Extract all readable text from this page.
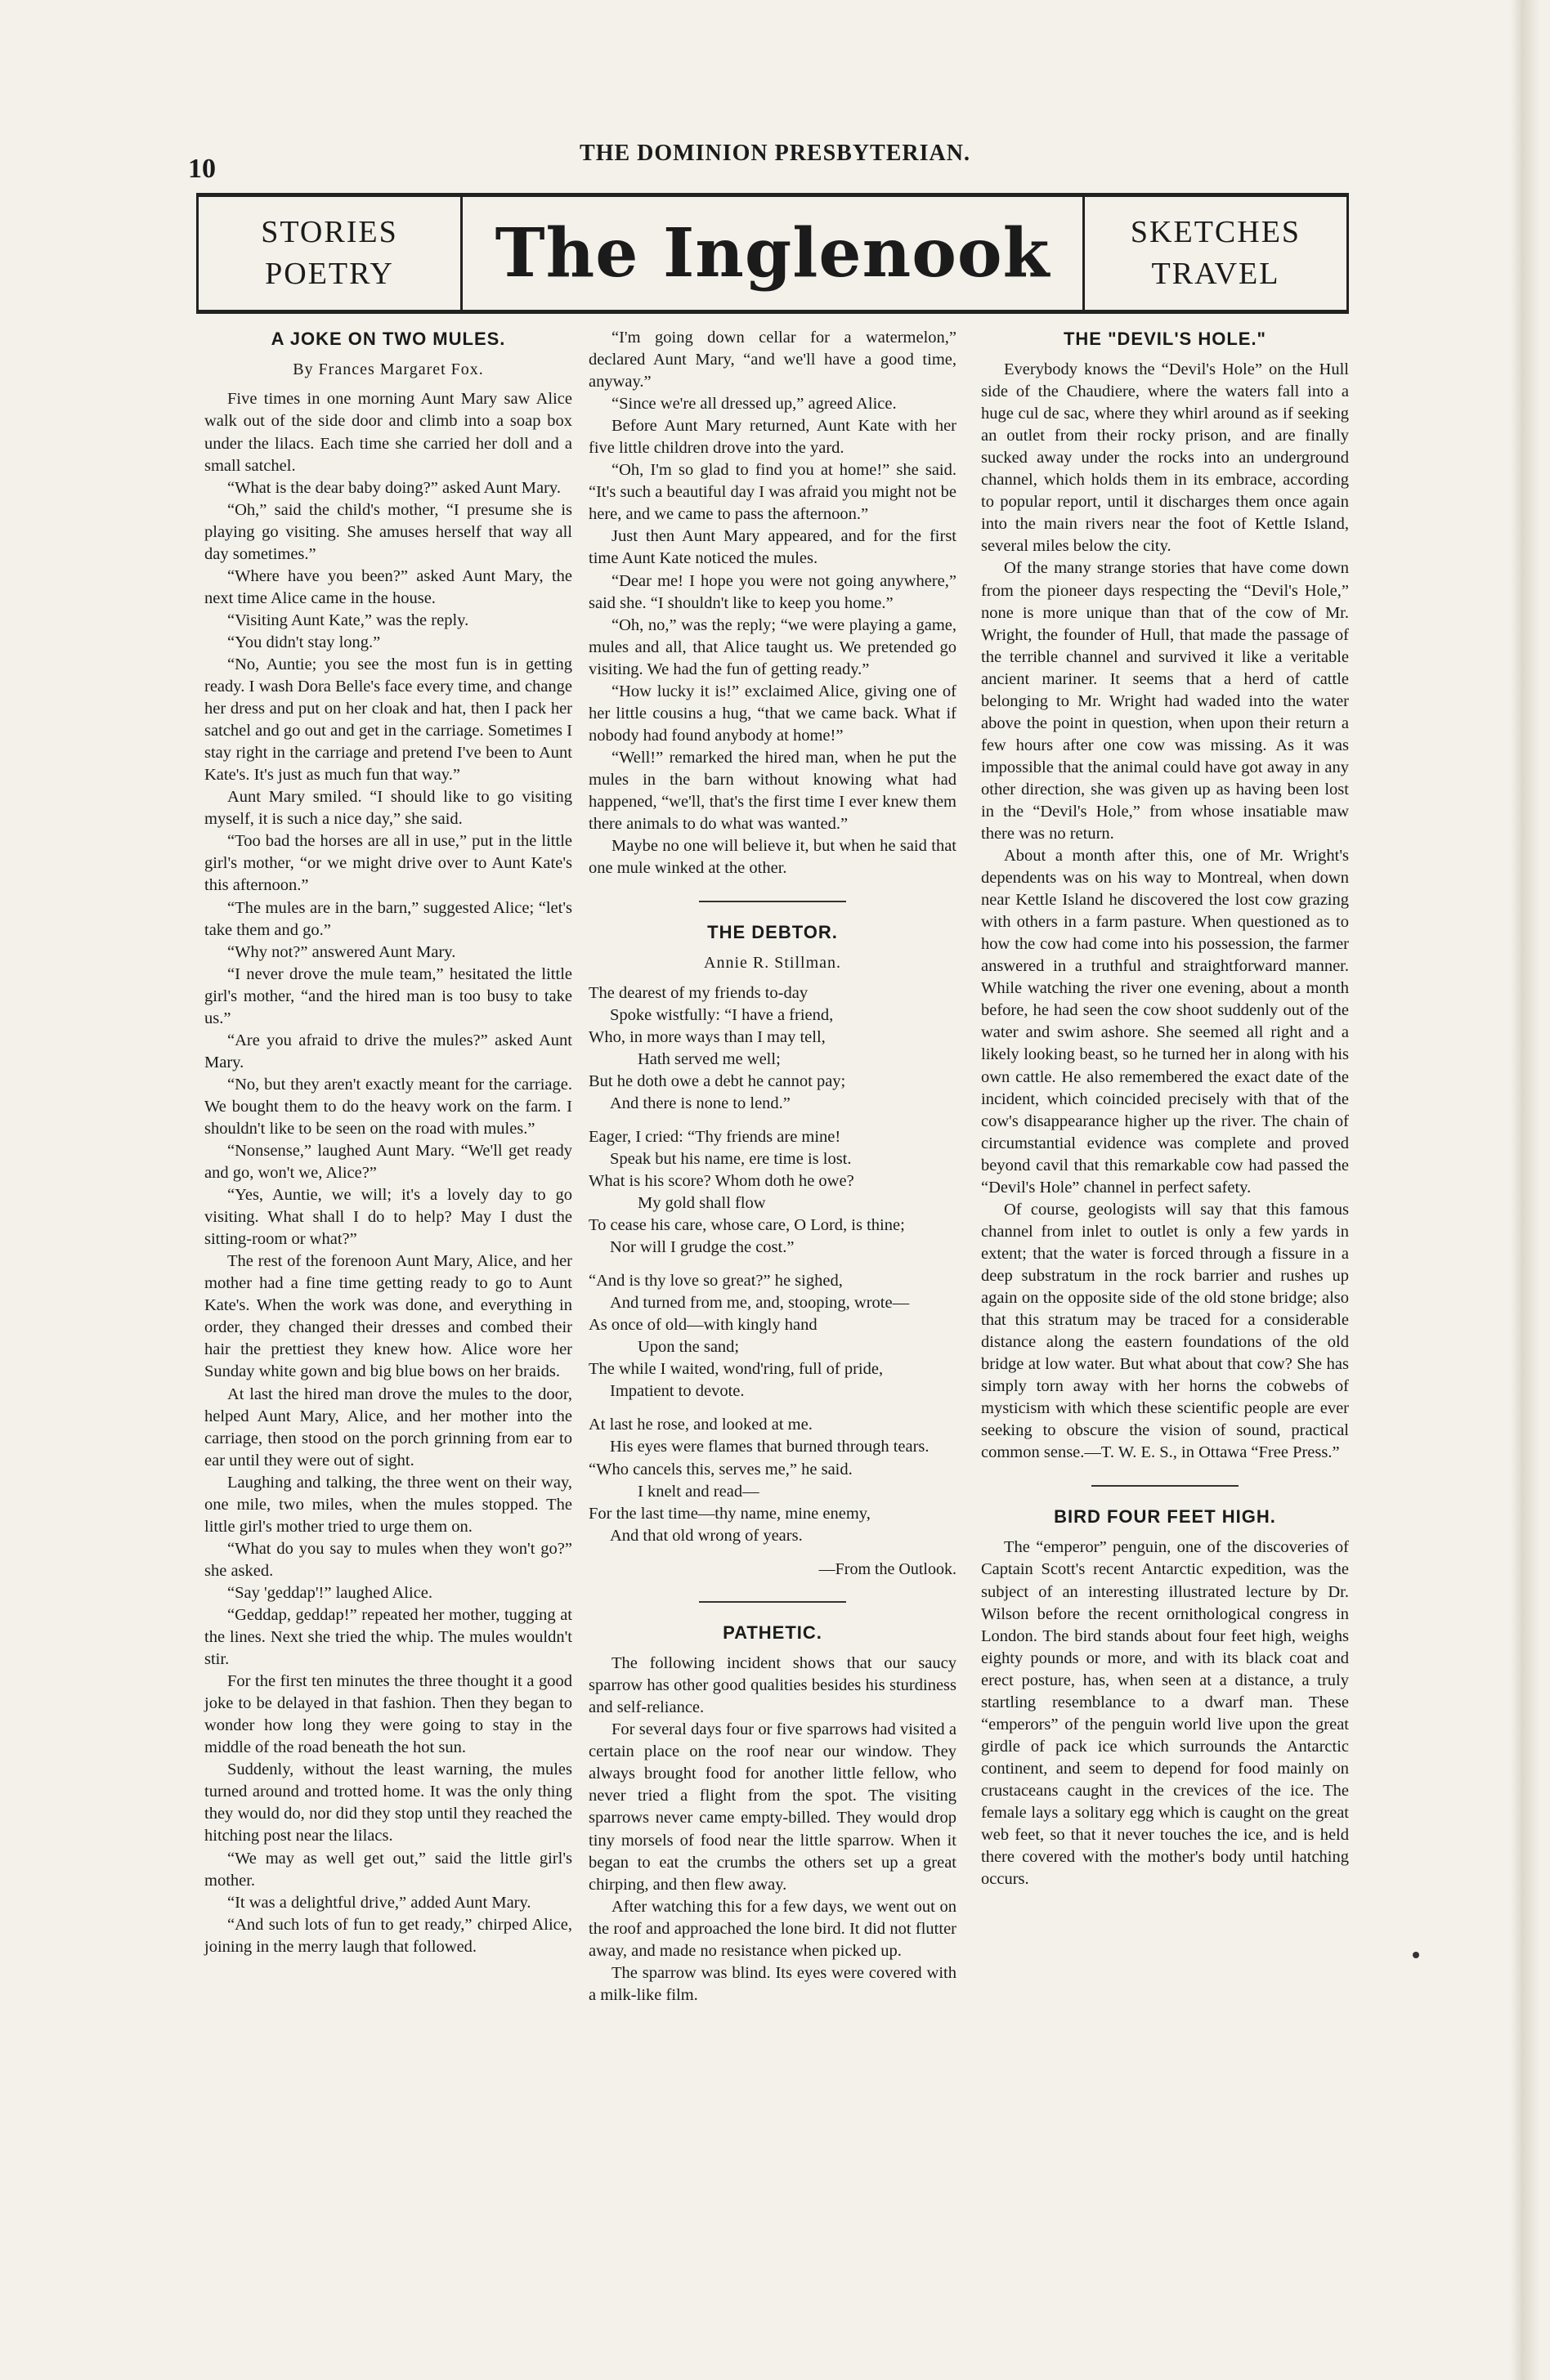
10
THE DOMINION PRESBYTERIAN.
STORIES
POETRY	The Inglenook	SKETCHES
TRAVEL
A JOKE ON TWO MULES.
By Frances Margaret Fox.

Five times in one morning Aunt Mary saw Alice walk out of the side door and climb into a soap box under the lilacs. Each time she carried her doll and a small satchel.

“What is the dear baby doing?” asked Aunt Mary.

“Oh,” said the child's mother, “I presume she is playing go visiting. She amuses herself that way all day sometimes.”

“Where have you been?” asked Aunt Mary, the next time Alice came in the house.

“Visiting Aunt Kate,” was the reply.

“You didn't stay long.”

“No, Auntie; you see the most fun is in getting ready. I wash Dora Belle's face every time, and change her dress and put on her cloak and hat, then I pack her satchel and go out and get in the carriage. Sometimes I stay right in the carriage and pretend I've been to Aunt Kate's. It's just as much fun that way.”

Aunt Mary smiled. “I should like to go visiting myself, it is such a nice day,” she said.

“Too bad the horses are all in use,” put in the little girl's mother, “or we might drive over to Aunt Kate's this afternoon.”

“The mules are in the barn,” suggested Alice; “let's take them and go.”

“Why not?” answered Aunt Mary.

“I never drove the mule team,” hesitated the little girl's mother, “and the hired man is too busy to take us.”

“Are you afraid to drive the mules?” asked Aunt Mary.

“No, but they aren't exactly meant for the carriage. We bought them to do the heavy work on the farm. I shouldn't like to be seen on the road with mules.”

“Nonsense,” laughed Aunt Mary. “We'll get ready and go, won't we, Alice?”

“Yes, Auntie, we will; it's a lovely day to go visiting. What shall I do to help? May I dust the sitting-room or what?”

The rest of the forenoon Aunt Mary, Alice, and her mother had a fine time getting ready to go to Aunt Kate's. When the work was done, and everything in order, they changed their dresses and combed their hair the prettiest they knew how. Alice wore her Sunday white gown and big blue bows on her braids.

At last the hired man drove the mules to the door, helped Aunt Mary, Alice, and her mother into the carriage, then stood on the porch grinning from ear to ear until they were out of sight.

Laughing and talking, the three went on their way, one mile, two miles, when the mules stopped. The little girl's mother tried to urge them on.

“What do you say to mules when they won't go?” she asked.

“Say 'geddap'!” laughed Alice.

“Geddap, geddap!” repeated her mother, tugging at the lines. Next she tried the whip. The mules wouldn't stir.

For the first ten minutes the three thought it a good joke to be delayed in that fashion. Then they began to wonder how long they were going to stay in the middle of the road beneath the hot sun.

Suddenly, without the least warning, the mules turned around and trotted home. It was the only thing they would do, nor did they stop until they reached the hitching post near the lilacs.

“We may as well get out,” said the little girl's mother.

“It was a delightful drive,” added Aunt Mary.

“And such lots of fun to get ready,” chirped Alice, joining in the merry laugh that followed.

“I'm going down cellar for a watermelon,” declared Aunt Mary, “and we'll have a good time, anyway.”

“Since we're all dressed up,” agreed Alice.

Before Aunt Mary returned, Aunt Kate with her five little children drove into the yard.

“Oh, I'm so glad to find you at home!” she said. “It's such a beautiful day I was afraid you might not be here, and we came to pass the afternoon.”

Just then Aunt Mary appeared, and for the first time Aunt Kate noticed the mules.

“Dear me! I hope you were not going anywhere,” said she. “I shouldn't like to keep you home.”

“Oh, no,” was the reply; “we were playing a game, mules and all, that Alice taught us. We pretended go visiting. We had the fun of getting ready.”

“How lucky it is!” exclaimed Alice, giving one of her little cousins a hug, “that we came back. What if nobody had found anybody at home!”

“Well!” remarked the hired man, when he put the mules in the barn without knowing what had happened, “we'll, that's the first time I ever knew them there animals to do what was wanted.”

Maybe no one will believe it, but when he said that one mule winked at the other.

THE DEBTOR.
Annie R. Stillman.
The dearest of my friends to-day
Spoke wistfully: “I have a friend,
Who, in more ways than I may tell,
Hath served me well;
But he doth owe a debt he cannot pay;
And there is none to lend.”
Eager, I cried: “Thy friends are mine!
Speak but his name, ere time is lost.
What is his score? Whom doth he owe?
My gold shall flow
To cease his care, whose care, O Lord, is thine;
Nor will I grudge the cost.”
“And is thy love so great?” he sighed,
And turned from me, and, stooping, wrote—
As once of old—with kingly hand
Upon the sand;
The while I waited, wond'ring, full of pride,
Impatient to devote.
At last he rose, and looked at me.
His eyes were flames that burned through tears.
“Who cancels this, serves me,” he said.
I knelt and read—
For the last time—thy name, mine enemy,
And that old wrong of years.
—From the Outlook.
PATHETIC.

The following incident shows that our saucy sparrow has other good qualities besides his sturdiness and self-reliance.

For several days four or five sparrows had visited a certain place on the roof near our window. They always brought food for another little fellow, who never tried a flight from the spot. The visiting sparrows never came empty-billed. They would drop tiny morsels of food near the little sparrow. When it began to eat the crumbs the others set up a great chirping, and then flew away.

After watching this for a few days, we went out on the roof and approached the lone bird. It did not flutter away, and made no resistance when picked up.

The sparrow was blind. Its eyes were covered with a milk-like film.

THE "DEVIL'S HOLE."

Everybody knows the “Devil's Hole” on the Hull side of the Chaudiere, where the waters fall into a huge cul de sac, where they whirl around as if seeking an outlet from their rocky prison, and are finally sucked away under the rocks into an underground channel, which holds them in its embrace, according to popular report, until it discharges them once again into the main rivers near the foot of Kettle Island, several miles below the city.

Of the many strange stories that have come down from the pioneer days respecting the “Devil's Hole,” none is more unique than that of the cow of Mr. Wright, the founder of Hull, that made the passage of the terrible channel and survived it like a veritable ancient mariner. It seems that a herd of cattle belonging to Mr. Wright had waded into the water above the point in question, when upon their return a few hours after one cow was missing. As it was impossible that the animal could have got away in any other direction, she was given up as having been lost in the “Devil's Hole,” from whose insatiable maw there was no return.

About a month after this, one of Mr. Wright's dependents was on his way to Montreal, when down near Kettle Island he discovered the lost cow grazing with others in a farm pasture. When questioned as to how the cow had come into his possession, the farmer answered in a truthful and straightforward manner. While watching the river one evening, about a month before, he had seen the cow shoot suddenly out of the water and swim ashore. She seemed all right and a likely looking beast, so he turned her in along with his own cattle. He also remembered the exact date of the incident, which coincided precisely with that of the cow's disappearance higher up the river. The chain of circumstantial evidence was complete and proved beyond cavil that this remarkable cow had passed the “Devil's Hole” channel in perfect safety.

Of course, geologists will say that this famous channel from inlet to outlet is only a few yards in extent; that the water is forced through a fissure in a deep substratum in the rock barrier and rushes up again on the opposite side of the old stone bridge; also that this stratum may be traced for a considerable distance along the eastern foundations of the old bridge at low water. But what about that cow? She has simply torn away with her horns the cobwebs of mysticism with which these scientific people are ever seeking to obscure the vision of sound, practical common sense.—T. W. E. S., in Ottawa “Free Press.”

BIRD FOUR FEET HIGH.

The “emperor” penguin, one of the discoveries of Captain Scott's recent Antarctic expedition, was the subject of an interesting illustrated lecture by Dr. Wilson before the recent ornithological congress in London. The bird stands about four feet high, weighs eighty pounds or more, and with its black coat and erect posture, has, when seen at a distance, a truly startling resemblance to a dwarf man. These “emperors” of the penguin world live upon the great girdle of pack ice which surrounds the Antarctic continent, and seem to depend for food mainly on crustaceans caught in the crevices of the ice. The female lays a solitary egg which is caught on the great web feet, so that it never touches the ice, and is held there covered with the mother's body until hatching occurs.
